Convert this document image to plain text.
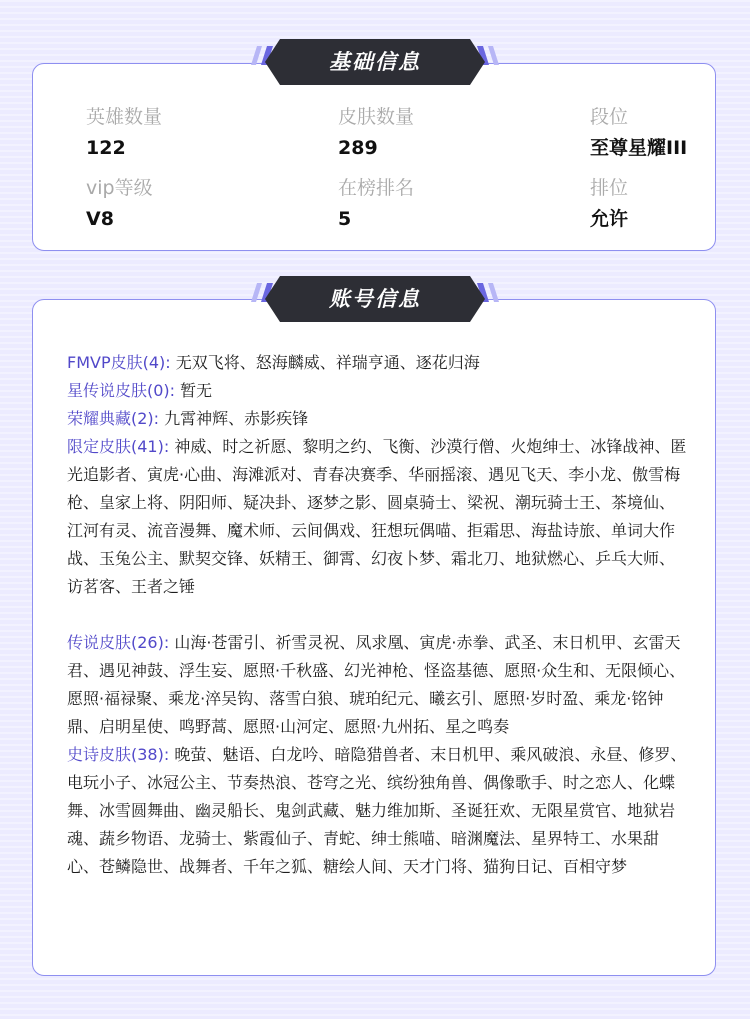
基础信息
英雄数量
122
皮肤数量
289
段位
至尊星耀III
vip等级
V8
在榜排名
5
排位
允许
账号信息

FMVP皮肤(4): 无双飞将、怒海麟威、祥瑞亨通、逐花归海

星传说皮肤(0): 暂无

荣耀典藏(2): 九霄神辉、赤影疾锋

限定皮肤(41): 神威、时之祈愿、黎明之约、飞衡、沙漠行僧、火炮绅士、冰锋战神、匿光追影者、寅虎·心曲、海滩派对、青春决赛季、华丽摇滚、遇见飞天、李小龙、傲雪梅枪、皇家上将、阴阳师、疑决卦、逐梦之影、圆桌骑士、梁祝、潮玩骑士王、茶境仙、江河有灵、流音漫舞、魔术师、云间偶戏、狂想玩偶喵、拒霜思、海盐诗旅、单词大作战、玉兔公主、默契交锋、妖精王、御霄、幻夜卜梦、霜北刀、地狱燃心、乒乓大师、访茗客、王者之锤

传说皮肤(26): 山海·苍雷引、祈雪灵祝、凤求凰、寅虎·赤拳、武圣、末日机甲、玄雷天君、遇见神鼓、浮生妄、愿照·千秋盛、幻光神枪、怪盗基德、愿照·众生和、无限倾心、愿照·福禄聚、乘龙·淬吴钩、落雪白狼、琥珀纪元、曦玄引、愿照·岁时盈、乘龙·铭钟鼎、启明星使、鸣野蒿、愿照·山河定、愿照·九州拓、星之鸣奏

史诗皮肤(38): 晚萤、魅语、白龙吟、暗隐猎兽者、末日机甲、乘风破浪、永昼、修罗、电玩小子、冰冠公主、节奏热浪、苍穹之光、缤纷独角兽、偶像歌手、时之恋人、化蝶舞、冰雪圆舞曲、幽灵船长、鬼剑武藏、魅力维加斯、圣诞狂欢、无限星赏官、地狱岩魂、蔬乡物语、龙骑士、紫霞仙子、青蛇、绅士熊喵、暗渊魔法、星界特工、水果甜心、苍鳞隐世、战舞者、千年之狐、糖绘人间、天才门将、猫狗日记、百相守梦
